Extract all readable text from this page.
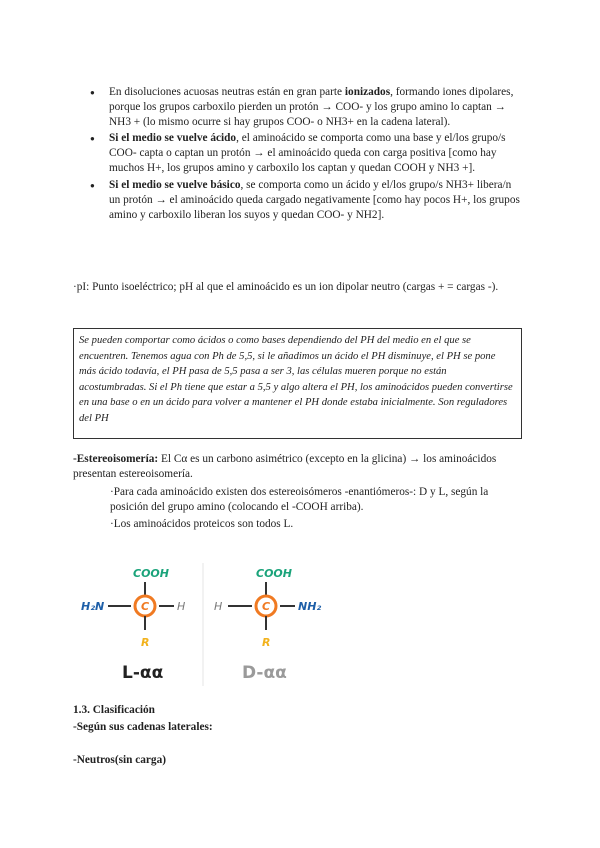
● En disoluciones acuosas neutras están en gran parte ionizados, formando iones dipolares, porque los grupos carboxilo pierden un protón → COO- y los grupo amino lo captan → NH3 + (lo mismo ocurre si hay grupos COO- o NH3+ en la cadena lateral).
● Si el medio se vuelve ácido, el aminoácido se comporta como una base y el/los grupo/s COO- capta o captan un protón → el aminoácido queda con carga positiva [como hay muchos H+, los grupos amino y carboxilo los captan y quedan COOH y NH3 +].
● Si el medio se vuelve básico, se comporta como un ácido y el/los grupo/s NH3+ libera/n un protón → el aminoácido queda cargado negativamente [como hay pocos H+, los grupos amino y carboxilo liberan los suyos y quedan COO- y NH2].
·pI: Punto isoeléctrico; pH al que el aminoácido es un ion dipolar neutro (cargas + = cargas -).
Se pueden comportar como ácidos o como bases dependiendo del PH del medio en el que se encuentren. Tenemos agua con Ph de 5,5, si le añadimos un ácido el PH disminuye, el PH se pone más ácido todavía, el PH pasa de 5,5 pasa a ser 3, las células mueren porque no están acostumbradas. Si el Ph tiene que estar a 5,5 y algo altera el PH, los aminoácidos pueden convertirse en una base o en un ácido para volver a mantener el PH donde estaba inicialmente. Son reguladores del PH
-Estereoisomería: El Cα es un carbono asimétrico (excepto en la glicina) → los aminoácidos presentan estereoisomería.
·Para cada aminoácido existen dos estereoisómeros -enantiómeros-: D y L, según la posición del grupo amino (colocando el -COOH arriba).
·Los aminoácidos proteicos son todos L.
COOH
H₂N	C	H
R
L-αα
COOH
H	C	NH₂
R
D-αα
1.3. Clasificación
-Según sus cadenas laterales:
-Neutros(sin carga)
